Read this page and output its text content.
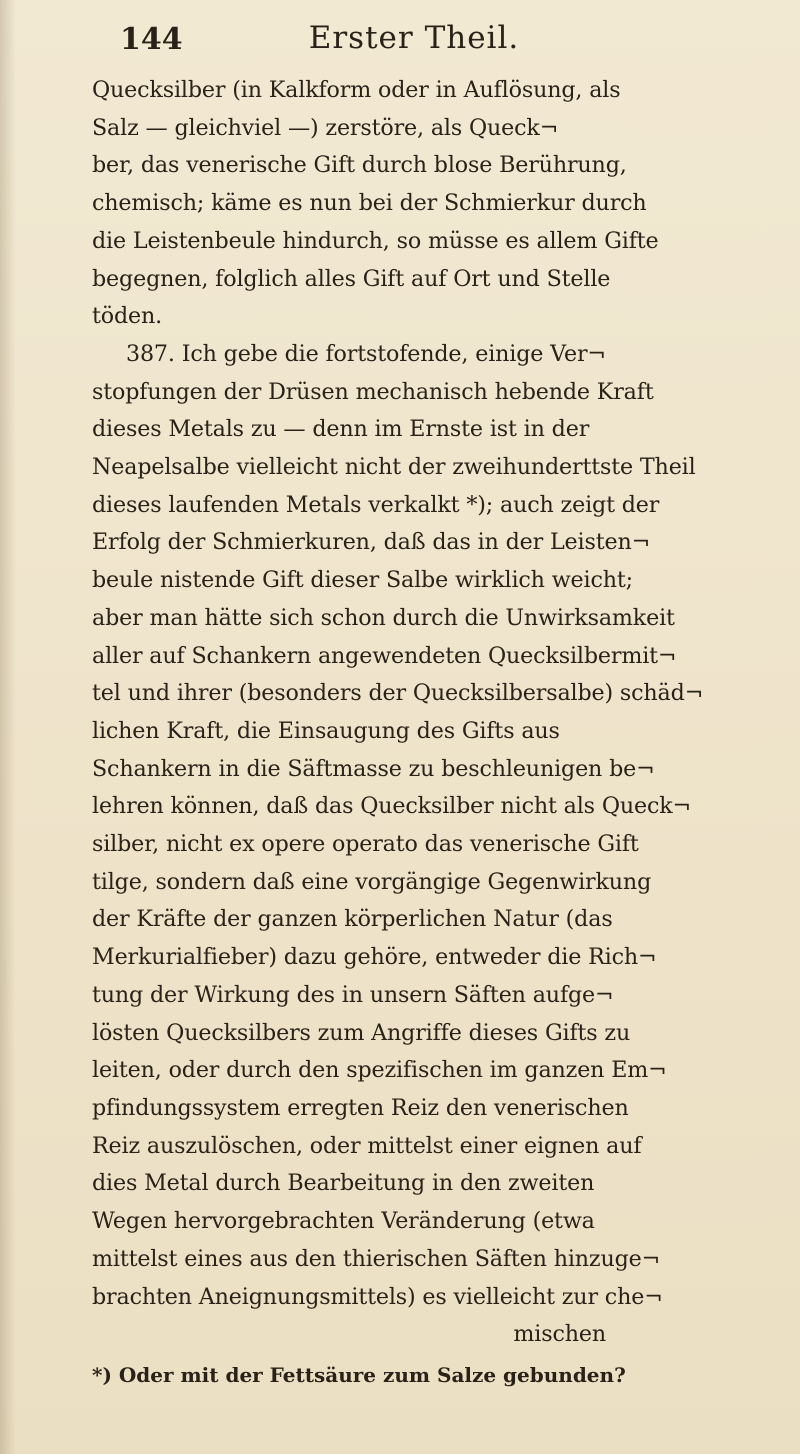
144	Erster Theil.
Quecksilber (in Kalkform oder in Auflösung, als
Salz — gleichviel —) zerstöre, als Queck¬
ber, das venerische Gift durch blose Berührung,
chemisch; käme es nun bei der Schmierkur durch
die Leistenbeule hindurch, so müsse es allem Gifte
begegnen, folglich alles Gift auf Ort und Stelle
töden.
387. Ich gebe die fortstofende, einige Ver¬
stopfungen der Drüsen mechanisch hebende Kraft
dieses Metals zu — denn im Ernste ist in der
Neapelsalbe vielleicht nicht der zweihunderttste Theil
dieses laufenden Metals verkalkt *); auch zeigt der
Erfolg der Schmierkuren, daß das in der Leisten¬
beule nistende Gift dieser Salbe wirklich weicht;
aber man hätte sich schon durch die Unwirksamkeit
aller auf Schankern angewendeten Quecksilbermit¬
tel und ihrer (besonders der Quecksilbersalbe) schäd¬
lichen Kraft, die Einsaugung des Gifts aus
Schankern in die Säftmasse zu beschleunigen be¬
lehren können, daß das Quecksilber nicht als Queck¬
silber, nicht ex opere operato das venerische Gift
tilge, sondern daß eine vorgängige Gegenwirkung
der Kräfte der ganzen körperlichen Natur (das
Merkurialfieber) dazu gehöre, entweder die Rich¬
tung der Wirkung des in unsern Säften aufge¬
lösten Quecksilbers zum Angriffe dieses Gifts zu
leiten, oder durch den spezifischen im ganzen Em¬
pfindungssystem erregten Reiz den venerischen
Reiz auszulöschen, oder mittelst einer eignen auf
dies Metal durch Bearbeitung in den zweiten
Wegen hervorgebrachten Veränderung (etwa
mittelst eines aus den thierischen Säften hinzuge¬
brachten Aneignungsmittels) es vielleicht zur che¬
mischen
*) Oder mit der Fettsäure zum Salze gebunden?
